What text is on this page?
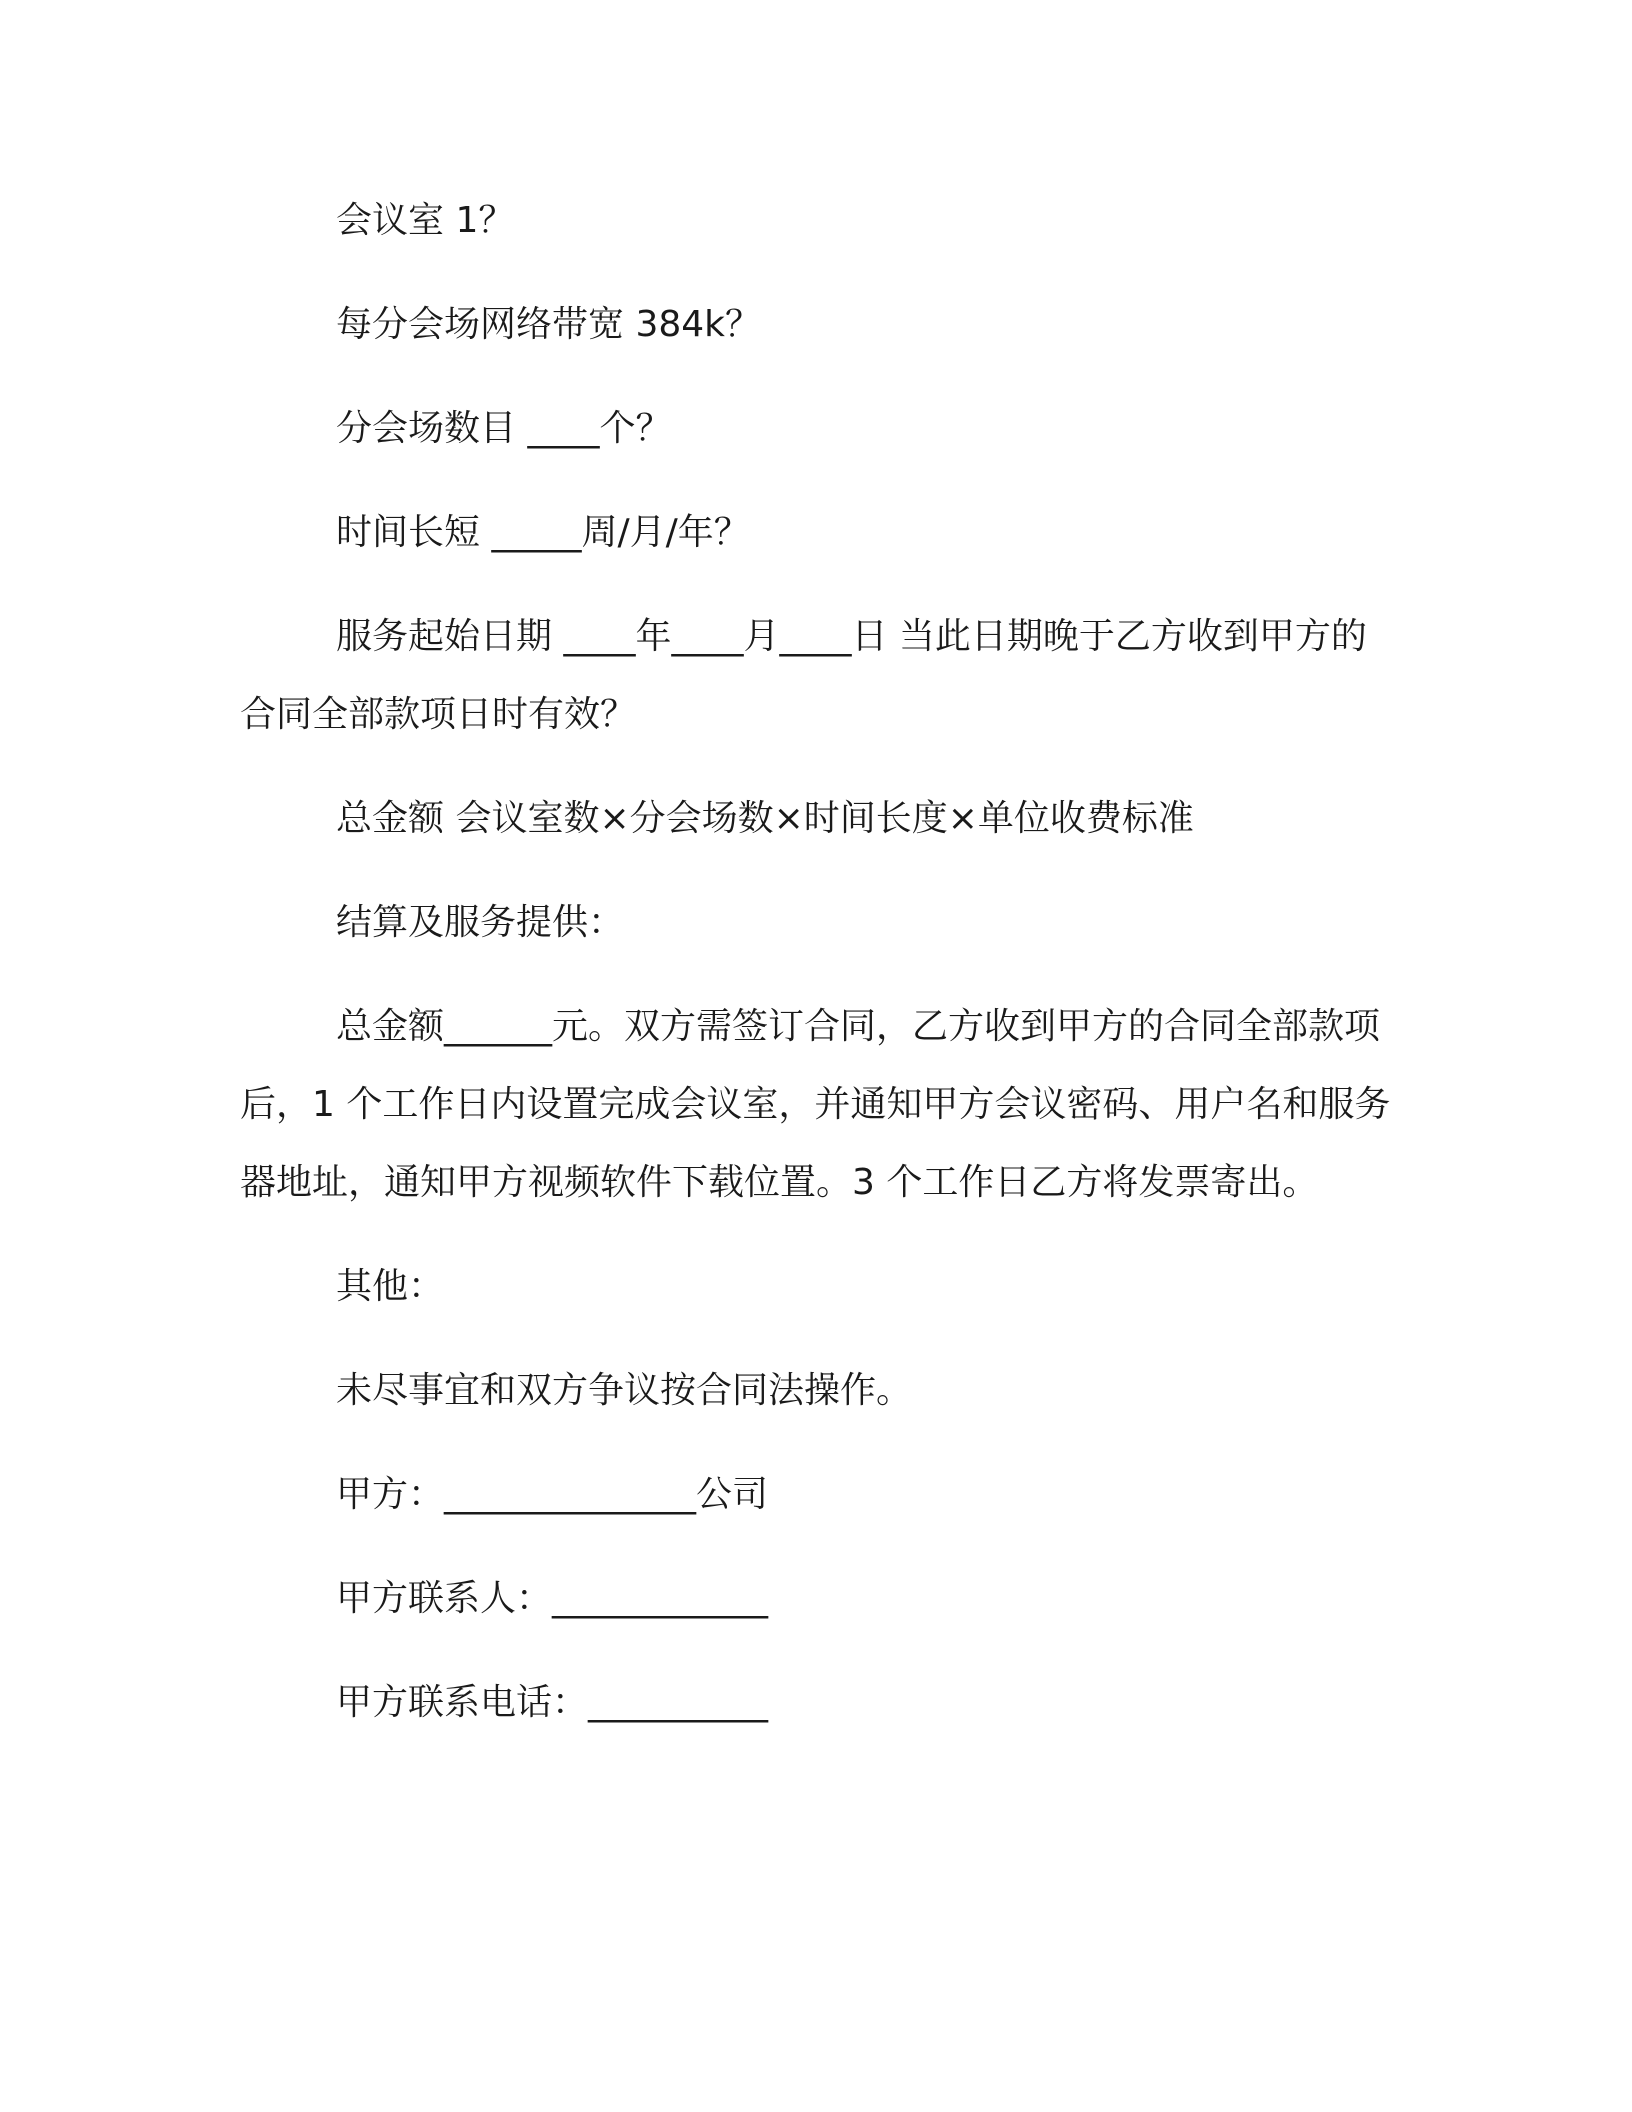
会议室 1？

每分会场网络带宽 384k？

分会场数目 ____个？

时间长短 _____周/月/年？

服务起始日期 ____年____月____日 当此日期晚于乙方收到甲方的合同全部款项日时有效？

总金额 会议室数×分会场数×时间长度×单位收费标准

结算及服务提供：

总金额______元。双方需签订合同，乙方收到甲方的合同全部款项后，1 个工作日内设置完成会议室，并通知甲方会议密码、用户名和服务器地址，通知甲方视频软件下载位置。3 个工作日乙方将发票寄出。

其他：

未尽事宜和双方争议按合同法操作。

甲方：______________公司

甲方联系人：____________

甲方联系电话：__________
